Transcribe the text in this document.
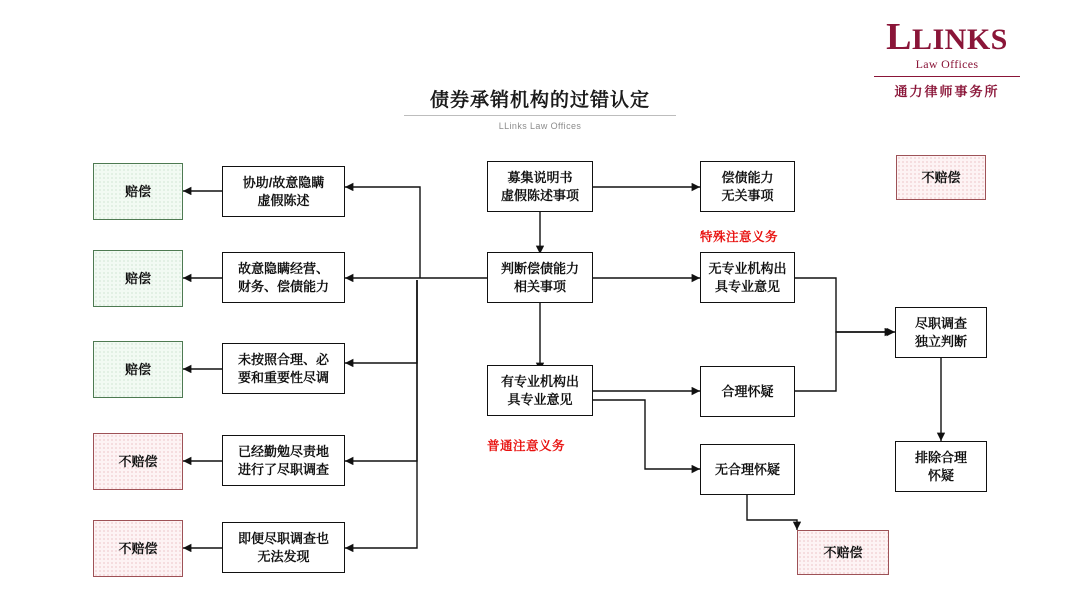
LLINKS
Law Offices
通力律师事务所
债券承销机构的过错认定
LLinks Law Offices
赔偿
赔偿
赔偿
不赔偿
不赔偿
协助/故意隐瞒
虚假陈述
故意隐瞒经营、
财务、偿债能力
未按照合理、必
要和重要性尽调
已经勤勉尽责地
进行了尽职调查
即便尽职调查也
无法发现
募集说明书
虚假陈述事项
判断偿债能力
相关事项
有专业机构出
具专业意见
偿债能力
无关事项
无专业机构出
具专业意见
合理怀疑
无合理怀疑
尽职调查
独立判断
排除合理
怀疑
不赔偿
不赔偿
特殊注意义务
普通注意义务
